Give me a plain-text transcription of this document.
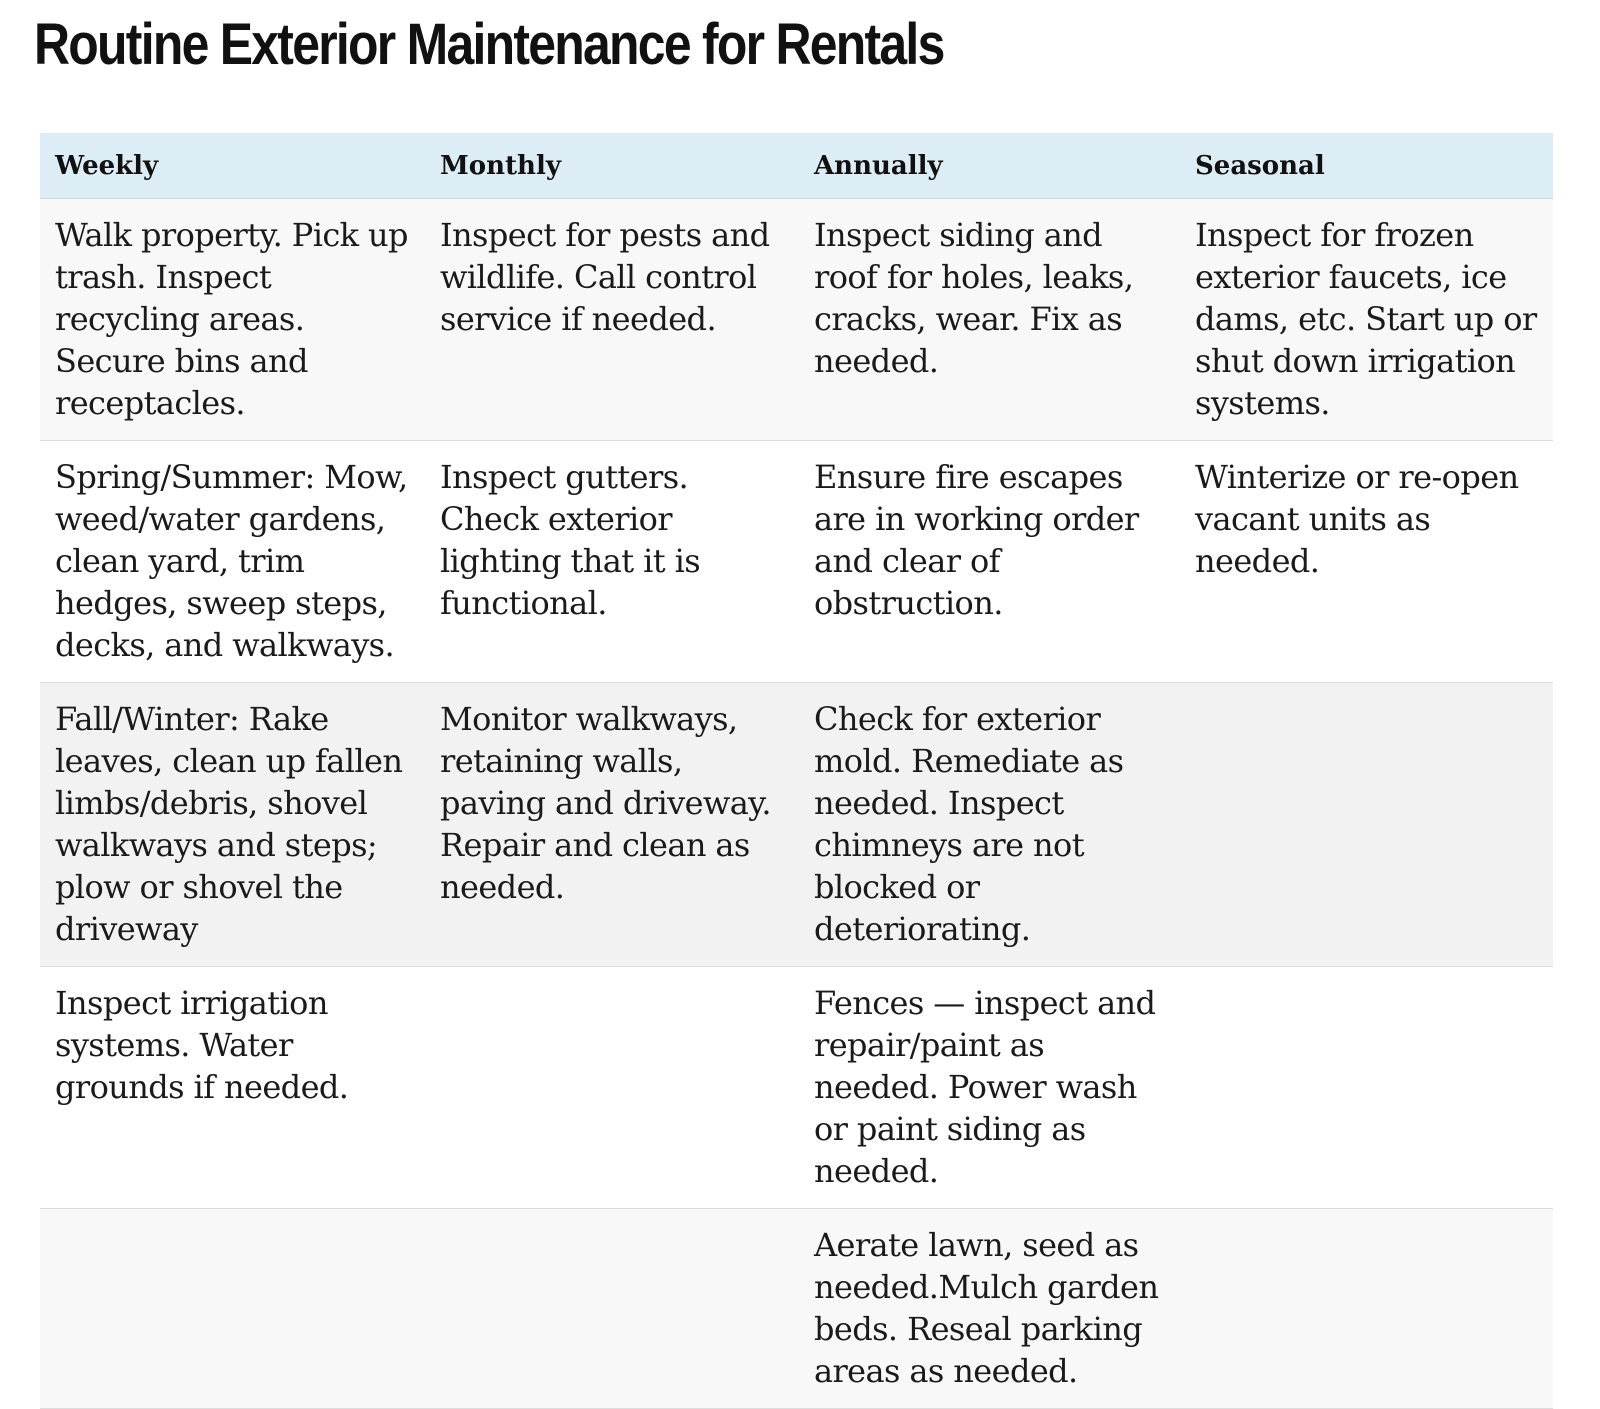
Routine Exterior Maintenance for Rentals
Weekly	Monthly	Annually	Seasonal
Walk property. Pick up trash. Inspect recycling areas. Secure bins and receptacles.	Inspect for pests and wildlife. Call control service if needed.	Inspect siding and roof for holes, leaks, cracks, wear. Fix as needed.	Inspect for frozen exterior faucets, ice dams, etc. Start up or shut down irrigation systems.
Spring/Summer: Mow, weed/water gardens, clean yard, trim hedges, sweep steps, decks, and walkways.	Inspect gutters. Check exterior lighting that it is functional.	Ensure fire escapes are in working order and clear of obstruction.	Winterize or re-open vacant units as needed.
Fall/Winter: Rake leaves, clean up fallen limbs/debris, shovel walkways and steps; plow or shovel the driveway	Monitor walkways, retaining walls, paving and driveway. Repair and clean as needed.	Check for exterior mold. Remediate as needed. Inspect chimneys are not blocked or deteriorating.	
Inspect irrigation systems. Water grounds if needed.		Fences — inspect and repair/paint as needed. Power wash or paint siding as needed.	
		Aerate lawn, seed as needed.Mulch garden beds. Reseal parking areas as needed.	
